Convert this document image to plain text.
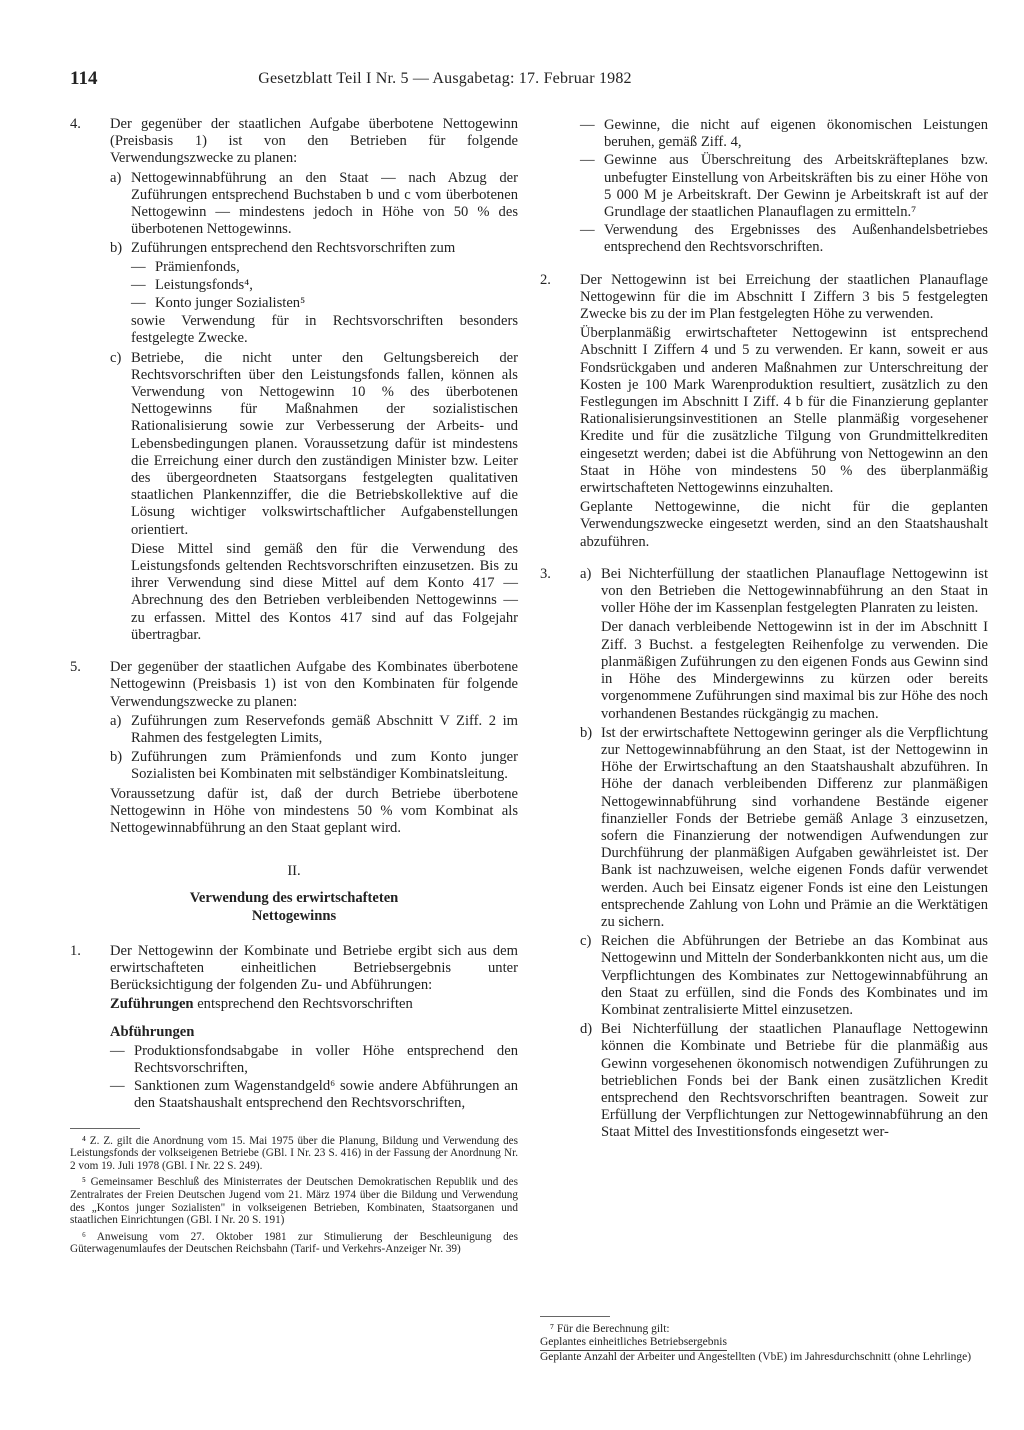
114	Gesetzblatt Teil I Nr. 5 — Ausgabetag: 17. Februar 1982
4. Der gegenüber der staatlichen Aufgabe überbotene Nettogewinn (Preisbasis 1) ist von den Betrieben für folgende Verwendungszwecke zu planen:

a) Nettogewinnabführung an den Staat — nach Abzug der Zuführungen entsprechend Buchstaben b und c vom überbotenen Nettogewinn — mindestens jedoch in Höhe von 50 % des überbotenen Nettogewinns.
b) Zuführungen entsprechend den Rechtsvorschriften zum
— Prämienfonds,
— Leistungsfonds⁴,
— Konto junger Sozialisten⁵
sowie Verwendung für in Rechtsvorschriften besonders festgelegte Zwecke.
c) Betriebe, die nicht unter den Geltungsbereich der Rechtsvorschriften über den Leistungsfonds fallen, können als Verwendung von Nettogewinn 10 % des überbotenen Nettogewinns für Maßnahmen der sozialistischen Rationalisierung sowie zur Verbesserung der Arbeits- und Lebensbedingungen planen. Voraussetzung dafür ist mindestens die Erreichung einer durch den zuständigen Minister bzw. Leiter des übergeordneten Staatsorgans festgelegten qualitativen staatlichen Plankennziffer, die die Betriebskollektive auf die Lösung wichtiger volkswirtschaftlicher Aufgabenstellungen orientiert.
Diese Mittel sind gemäß den für die Verwendung des Leistungsfonds geltenden Rechtsvorschriften einzusetzen. Bis zu ihrer Verwendung sind diese Mittel auf dem Konto 417 — Abrechnung des den Betrieben verbleibenden Nettogewinns — zu erfassen. Mittel des Kontos 417 sind auf das Folgejahr übertragbar.
5. Der gegenüber der staatlichen Aufgabe des Kombinates überbotene Nettogewinn (Preisbasis 1) ist von den Kombinaten für folgende Verwendungszwecke zu planen:

a) Zuführungen zum Reservefonds gemäß Abschnitt V Ziff. 2 im Rahmen des festgelegten Limits,
b) Zuführungen zum Prämienfonds und zum Konto junger Sozialisten bei Kombinaten mit selbständiger Kombinatsleitung.

Voraussetzung dafür ist, daß der durch Betriebe überbotene Nettogewinn in Höhe von mindestens 50 % vom Kombinat als Nettogewinnabführung an den Staat geplant wird.

II.
Verwendung des erwirtschafteten
Nettogewinns
1. Der Nettogewinn der Kombinate und Betriebe ergibt sich aus dem erwirtschafteten einheitlichen Betriebsergebnis unter Berücksichtigung der folgenden Zu- und Abführungen:

Zuführungen entsprechend den Rechtsvorschriften

Abführungen

— Produktionsfondsabgabe in voller Höhe entsprechend den Rechtsvorschriften,
— Sanktionen zum Wagenstandgeld⁶ sowie andere Abführungen an den Staatshaushalt entsprechend den Rechtsvorschriften,

⁴ Z. Z. gilt die Anordnung vom 15. Mai 1975 über die Planung, Bildung und Verwendung des Leistungsfonds der volkseigenen Betriebe (GBl. I Nr. 23 S. 416) in der Fassung der Anordnung Nr. 2 vom 19. Juli 1978 (GBl. I Nr. 22 S. 249).

⁵ Gemeinsamer Beschluß des Ministerrates der Deutschen Demokratischen Republik und des Zentralrates der Freien Deutschen Jugend vom 21. März 1974 über die Bildung und Verwendung des „Kontos junger Sozialisten" in volkseigenen Betrieben, Kombinaten, Staatsorganen und staatlichen Einrichtungen (GBl. I Nr. 20 S. 191)

⁶ Anweisung vom 27. Oktober 1981 zur Stimulierung der Beschleunigung des Güterwagenumlaufes der Deutschen Reichsbahn (Tarif- und Verkehrs-Anzeiger Nr. 39)

— Gewinne, die nicht auf eigenen ökonomischen Leistungen beruhen, gemäß Ziff. 4,
— Gewinne aus Überschreitung des Arbeitskräfteplanes bzw. unbefugter Einstellung von Arbeitskräften bis zu einer Höhe von 5 000 M je Arbeitskraft. Der Gewinn je Arbeitskraft ist auf der Grundlage der staatlichen Planauflagen zu ermitteln.⁷
— Verwendung des Ergebnisses des Außenhandelsbetriebes entsprechend den Rechtsvorschriften.
2. Der Nettogewinn ist bei Erreichung der staatlichen Planauflage Nettogewinn für die im Abschnitt I Ziffern 3 bis 5 festgelegten Zwecke bis zu der im Plan festgelegten Höhe zu verwenden.

Überplanmäßig erwirtschafteter Nettogewinn ist entsprechend Abschnitt I Ziffern 4 und 5 zu verwenden. Er kann, soweit er aus Fondsrückgaben und anderen Maßnahmen zur Unterschreitung der Kosten je 100 Mark Warenproduktion resultiert, zusätzlich zu den Festlegungen im Abschnitt I Ziff. 4 b für die Finanzierung geplanter Rationalisierungsinvestitionen an Stelle planmäßig vorgesehener Kredite und für die zusätzliche Tilgung von Grundmittelkrediten eingesetzt werden; dabei ist die Abführung von Nettogewinn an den Staat in Höhe von mindestens 50 % des überplanmäßig erwirtschafteten Nettogewinns einzuhalten.

Geplante Nettogewinne, die nicht für die geplanten Verwendungszwecke eingesetzt werden, sind an den Staatshaushalt abzuführen.

3. a) Bei Nichterfüllung der staatlichen Planauflage Nettogewinn ist von den Betrieben die Nettogewinnabführung an den Staat in voller Höhe der im Kassenplan festgelegten Planraten zu leisten.
Der danach verbleibende Nettogewinn ist in der im Abschnitt I Ziff. 3 Buchst. a festgelegten Reihenfolge zu verwenden. Die planmäßigen Zuführungen zu den eigenen Fonds aus Gewinn sind in Höhe des Mindergewinns zu kürzen oder bereits vorgenommene Zuführungen sind maximal bis zur Höhe des noch vorhandenen Bestandes rückgängig zu machen.
b) Ist der erwirtschaftete Nettogewinn geringer als die Verpflichtung zur Nettogewinnabführung an den Staat, ist der Nettogewinn in Höhe der Erwirtschaftung an den Staatshaushalt abzuführen. In Höhe der danach verbleibenden Differenz zur planmäßigen Nettogewinnabführung sind vorhandene Bestände eigener finanzieller Fonds der Betriebe gemäß Anlage 3 einzusetzen, sofern die Finanzierung der notwendigen Aufwendungen zur Durchführung der planmäßigen Aufgaben gewährleistet ist. Der Bank ist nachzuweisen, welche eigenen Fonds dafür verwendet werden. Auch bei Einsatz eigener Fonds ist eine den Leistungen entsprechende Zahlung von Lohn und Prämie an die Werktätigen zu sichern.
c) Reichen die Abführungen der Betriebe an das Kombinat aus Nettogewinn und Mitteln der Sonderbankkonten nicht aus, um die Verpflichtungen des Kombinates zur Nettogewinnabführung an den Staat zu erfüllen, sind die Fonds des Kombinates und im Kombinat zentralisierte Mittel einzusetzen.
d) Bei Nichterfüllung der staatlichen Planauflage Nettogewinn können die Kombinate und Betriebe für die planmäßig aus Gewinn vorgesehenen ökonomisch notwendigen Zuführungen zu betrieblichen Fonds bei der Bank einen zusätzlichen Kredit entsprechend den Rechtsvorschriften beantragen. Soweit zur Erfüllung der Verpflichtungen zur Nettogewinnabführung an den Staat Mittel des Investitionsfonds eingesetzt wer-
⁷ Für die Berechnung gilt:
Geplantes einheitliches Betriebsergebnis
Geplante Anzahl der Arbeiter und Angestellten (VbE) im Jahresdurchschnitt (ohne Lehrlinge)
